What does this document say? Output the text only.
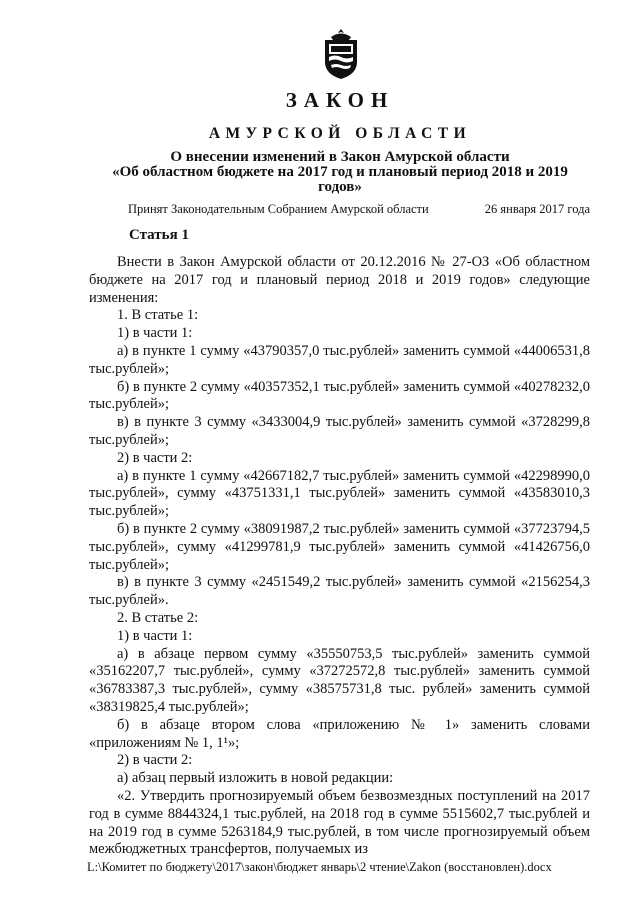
ЗАКОН
АМУРСКОЙ ОБЛАСТИ
О внесении изменений в Закон Амурской области
«Об областном бюджете на 2017 год и плановый период 2018 и 2019
годов»
Принят Законодательным Собранием Амурской области	26 января 2017 года
Статья 1

Внести в Закон Амурской области от 20.12.2016 № 27-ОЗ «Об областном бюджете на 2017 год и плановый период 2018 и 2019 годов» следующие изменения:

1. В статье 1:

1) в части 1:

а) в пункте 1 сумму «43790357,0 тыс.рублей» заменить суммой «44006531,8 тыс.рублей»;

б) в пункте 2 сумму «40357352,1 тыс.рублей» заменить суммой «40278232,0 тыс.рублей»;

в) в пункте 3 сумму «3433004,9 тыс.рублей» заменить суммой «3728299,8 тыс.рублей»;

2) в части 2:

а) в пункте 1 сумму «42667182,7 тыс.рублей» заменить суммой «42298990,0 тыс.рублей», сумму «43751331,1 тыс.рублей» заменить суммой «43583010,3 тыс.рублей»;

б) в пункте 2 сумму «38091987,2 тыс.рублей» заменить суммой «37723794,5 тыс.рублей», сумму «41299781,9 тыс.рублей» заменить суммой «41426756,0 тыс.рублей»;

в) в пункте 3 сумму «2451549,2 тыс.рублей» заменить суммой «2156254,3 тыс.рублей».

2. В статье 2:

1) в части 1:

а) в абзаце первом сумму «35550753,5 тыс.рублей» заменить суммой «35162207,7 тыс.рублей», сумму «37272572,8 тыс.рублей» заменить суммой «36783387,3 тыс.рублей», сумму «38575731,8 тыс. рублей» заменить суммой «38319825,4 тыс.рублей»;

б) в абзаце втором слова «приложению № 1» заменить словами «приложениям № 1, 1¹»;

2) в части 2:

а) абзац первый изложить в новой редакции:

«2. Утвердить прогнозируемый объем безвозмездных поступлений на 2017 год в сумме 8844324,1 тыс.рублей, на 2018 год в сумме 5515602,7 тыс.рублей и на 2019 год в сумме 5263184,9 тыс.рублей, в том числе прогнозируемый объем межбюджетных трансфертов, получаемых из

L:\Комитет по бюджету\2017\закон\бюджет январь\2 чтение\Zakon (восстановлен).docx
